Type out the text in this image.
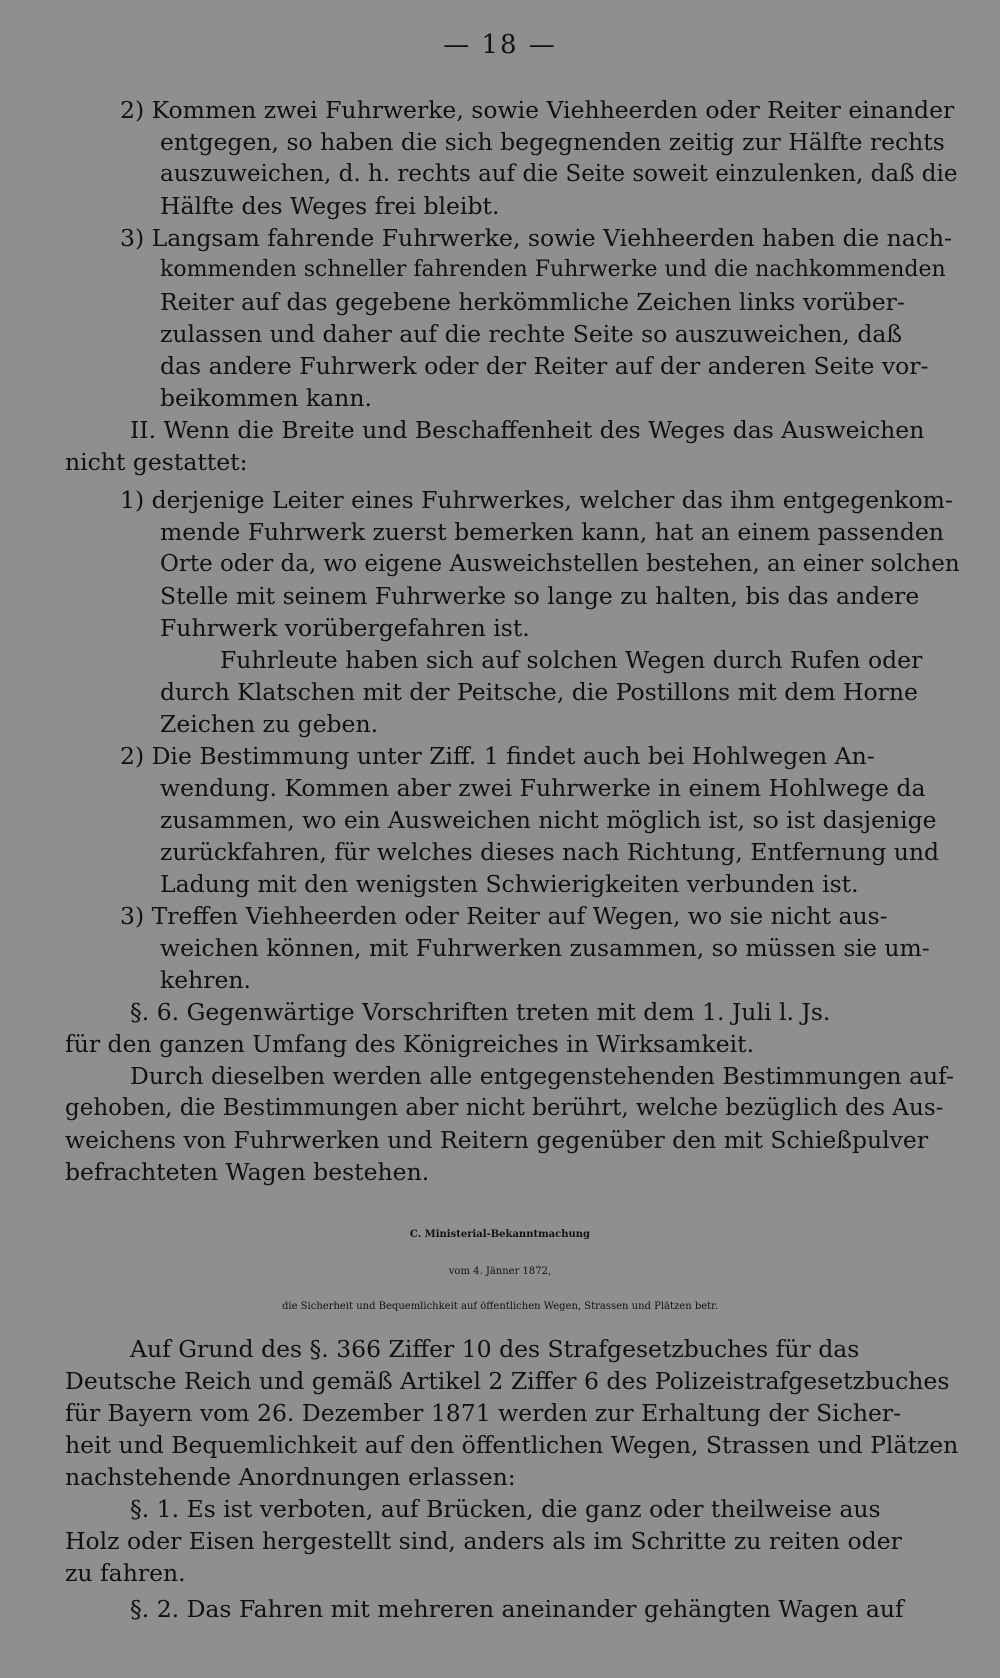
— 18 —
2) Kommen zwei Fuhrwerke, sowie Viehheerden oder Reiter einander
entgegen, so haben die sich begegnenden zeitig zur Hälfte rechts
auszuweichen, d. h. rechts auf die Seite soweit einzulenken, daß die
Hälfte des Weges frei bleibt.
3) Langsam fahrende Fuhrwerke, sowie Viehheerden haben die nach-
kommenden schneller fahrenden Fuhrwerke und die nachkommenden
Reiter auf das gegebene herkömmliche Zeichen links vorüber-
zulassen und daher auf die rechte Seite so auszuweichen, daß
das andere Fuhrwerk oder der Reiter auf der anderen Seite vor-
beikommen kann.
II. Wenn die Breite und Beschaffenheit des Weges das Ausweichen
nicht gestattet:
1) derjenige Leiter eines Fuhrwerkes, welcher das ihm entgegenkom-
mende Fuhrwerk zuerst bemerken kann, hat an einem passenden
Orte oder da, wo eigene Ausweichstellen bestehen, an einer solchen
Stelle mit seinem Fuhrwerke so lange zu halten, bis das andere
Fuhrwerk vorübergefahren ist.
Fuhrleute haben sich auf solchen Wegen durch Rufen oder
durch Klatschen mit der Peitsche, die Postillons mit dem Horne
Zeichen zu geben.
2) Die Bestimmung unter Ziff. 1 findet auch bei Hohlwegen An-
wendung. Kommen aber zwei Fuhrwerke in einem Hohlwege da
zusammen, wo ein Ausweichen nicht möglich ist, so ist dasjenige
zurückfahren, für welches dieses nach Richtung, Entfernung und
Ladung mit den wenigsten Schwierigkeiten verbunden ist.
3) Treffen Viehheerden oder Reiter auf Wegen, wo sie nicht aus-
weichen können, mit Fuhrwerken zusammen, so müssen sie um-
kehren.
§. 6. Gegenwärtige Vorschriften treten mit dem 1. Juli l. Js.
für den ganzen Umfang des Königreiches in Wirksamkeit.
Durch dieselben werden alle entgegenstehenden Bestimmungen auf-
gehoben, die Bestimmungen aber nicht berührt, welche bezüglich des Aus-
weichens von Fuhrwerken und Reitern gegenüber den mit Schießpulver
befrachteten Wagen bestehen.
C. Ministerial-Bekanntmachung
vom 4. Jänner 1872,
die Sicherheit und Bequemlichkeit auf öffentlichen Wegen, Strassen und Plätzen betr.
Auf Grund des §. 366 Ziffer 10 des Strafgesetzbuches für das
Deutsche Reich und gemäß Artikel 2 Ziffer 6 des Polizeistrafgesetzbuches
für Bayern vom 26. Dezember 1871 werden zur Erhaltung der Sicher-
heit und Bequemlichkeit auf den öffentlichen Wegen, Strassen und Plätzen
nachstehende Anordnungen erlassen:
§. 1. Es ist verboten, auf Brücken, die ganz oder theilweise aus
Holz oder Eisen hergestellt sind, anders als im Schritte zu reiten oder
zu fahren.
§. 2. Das Fahren mit mehreren aneinander gehängten Wagen auf
